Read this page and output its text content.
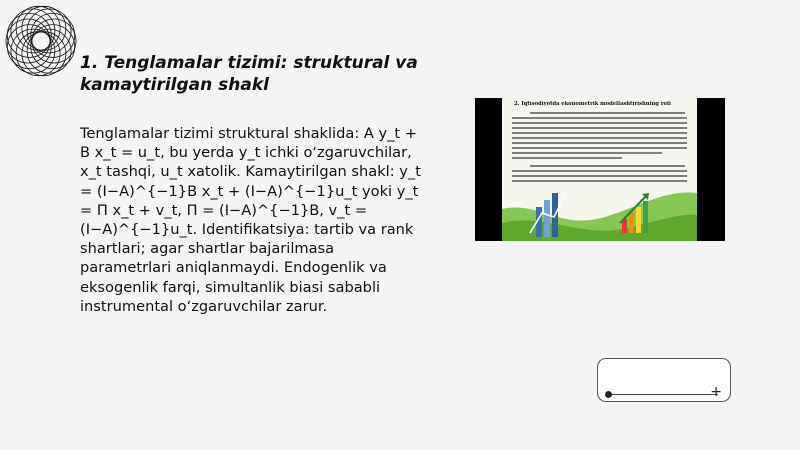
1. Tenglamalar tizimi: struktural va kamaytirilgan shakl

Tenglamalar tizimi struktural shaklida: A y_t + B x_t = u_t, bu yerda y_t ichki oʻzgaruvchilar, x_t tashqi, u_t xatolik. Kamaytirilgan shakl: y_t = (I−A)^{−1}B x_t + (I−A)^{−1}u_t yoki y_t = Π x_t + v_t, Π = (I−A)^{−1}B, v_t = (I−A)^{−1}u_t. Identifikatsiya: tartib va rank shartlari; agar shartlar bajarilmasa parametrlari aniqlanmaydi. Endogenlik va eksogenlik farqi, simultanlik biasi sababli instrumental oʻzgaruvchilar zarur.

2. Iqtisodiyotda ekonometrik modellashtirishning roli
+
